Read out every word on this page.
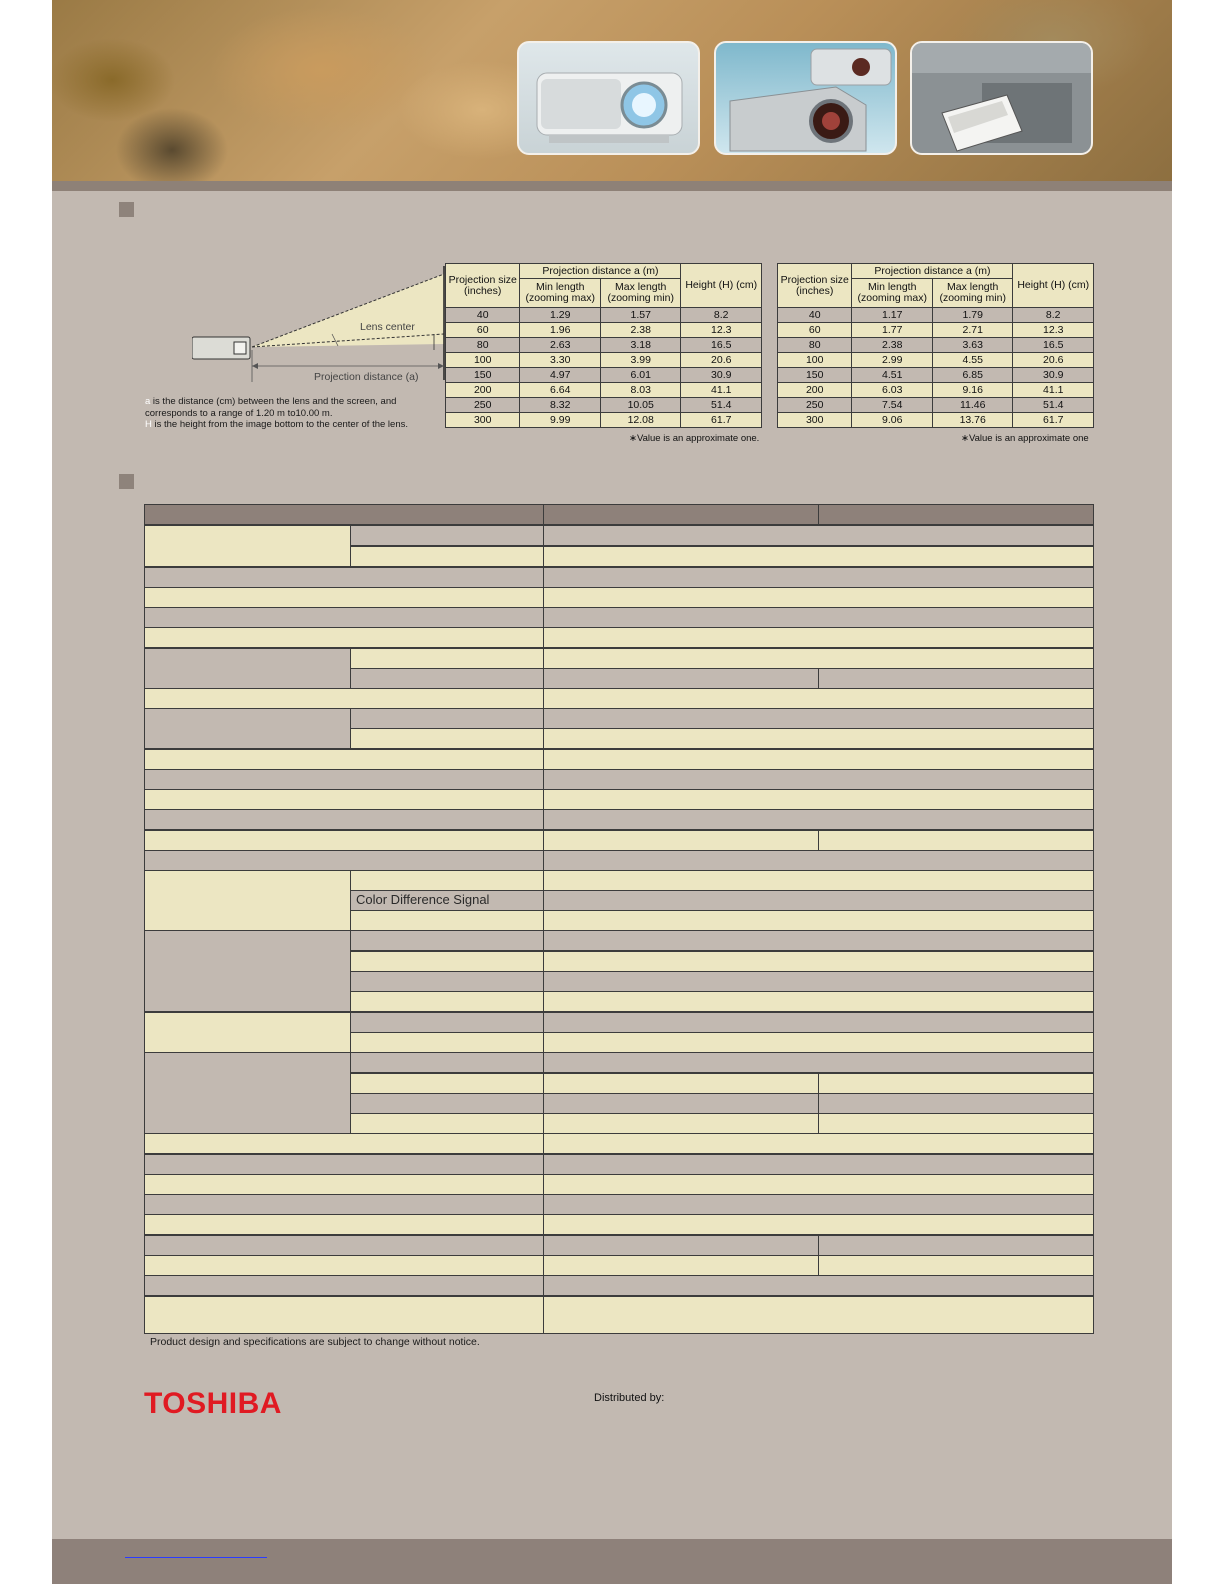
Lens center
Projection distance (a)
a is the distance (cm) between the lens and the screen, and
corresponds to a range of 1.20 m to10.00 m.
H is the height from the image bottom to the center of the lens.
Projection size (inches)	Projection distance a (m)		Height (H) (cm)
	Min length (zooming max)	Max length (zooming min)	
40	1.29	1.57	8.2
60	1.96	2.38	12.3
80	2.63	3.18	16.5
100	3.30	3.99	20.6
150	4.97	6.01	30.9
200	6.64	8.03	41.1
250	8.32	10.05	51.4
300	9.99	12.08	61.7
∗Value is an approximate one.
Projection size (inches)	Projection distance a (m)		Height (H) (cm)
	Min length (zooming max)	Max length (zooming min)	
40	1.17	1.79	8.2
60	1.77	2.71	12.3
80	2.38	3.63	16.5
100	2.99	4.55	20.6
150	4.51	6.85	30.9
200	6.03	9.16	41.1
250	7.54	11.46	51.4
300	9.06	13.76	61.7
∗Value is an approximate one
Color Difference Signal
Product design and specifications are subject to change without notice.
TOSHIBA	Distributed by:
